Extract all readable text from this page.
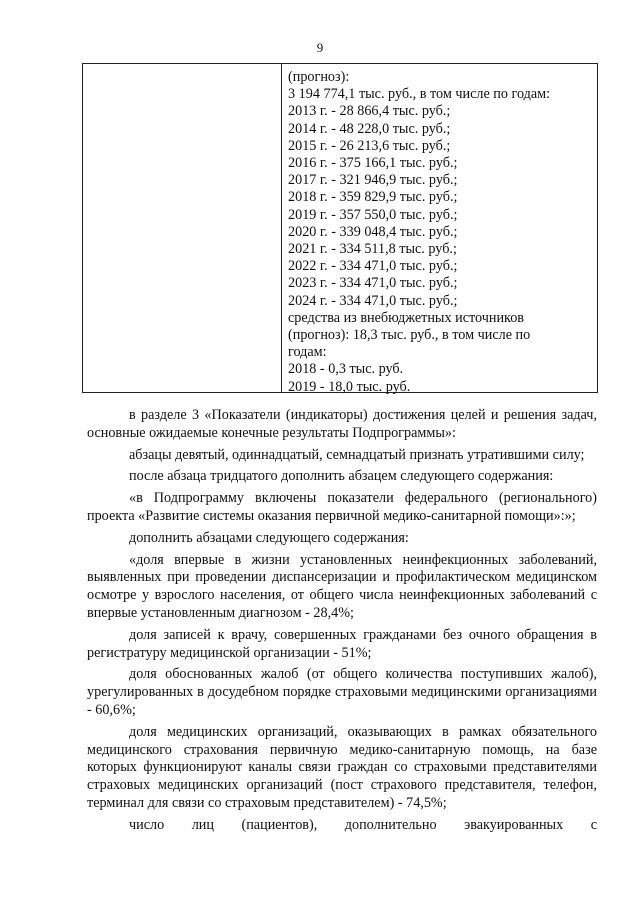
9
(прогноз):
3 194 774,1 тыс. руб., в том числе по годам:
2013 г. - 28 866,4 тыс. руб.;
2014 г. - 48 228,0 тыс. руб.;
2015 г. - 26 213,6 тыс. руб.;
2016 г. - 375 166,1 тыс. руб.;
2017 г. - 321 946,9 тыс. руб.;
2018 г. - 359 829,9 тыс. руб.;
2019 г. - 357 550,0 тыс. руб.;
2020 г. - 339 048,4 тыс. руб.;
2021 г. - 334 511,8 тыс. руб.;
2022 г. - 334 471,0 тыс. руб.;
2023 г. - 334 471,0 тыс. руб.;
2024 г. - 334 471,0 тыс. руб.;
средства из внебюджетных источников
(прогноз): 18,3 тыс. руб., в том числе по
годам:
2018 - 0,3 тыс. руб.
2019 - 18,0 тыс. руб.

в разделе 3 «Показатели (индикаторы) достижения целей и решения задач, основные ожидаемые конечные результаты Подпрограммы»:

абзацы девятый, одиннадцатый, семнадцатый признать утратившими силу;

после абзаца тридцатого дополнить абзацем следующего содержания:

«в Подпрограмму включены показатели федерального (регионального) проекта «Развитие системы оказания первичной медико-санитарной помощи»:»;

дополнить абзацами следующего содержания:

«доля впервые в жизни установленных неинфекционных заболеваний, выявленных при проведении диспансеризации и профилактическом медицинском осмотре у взрослого населения, от общего числа неинфекционных заболеваний с впервые установленным диагнозом - 28,4%;

доля записей к врачу, совершенных гражданами без очного обращения в регистратуру медицинской организации - 51%;

доля обоснованных жалоб (от общего количества поступивших жалоб), урегулированных в досудебном порядке страховыми медицинскими организациями - 60,6%;

доля медицинских организаций, оказывающих в рамках обязательного медицинского страхования первичную медико-санитарную помощь, на базе которых функционируют каналы связи граждан со страховыми представителями страховых медицинских организаций (пост страхового представителя, телефон, терминал для связи со страховым представителем) - 74,5%;

число лиц (пациентов), дополнительно эвакуированных с
